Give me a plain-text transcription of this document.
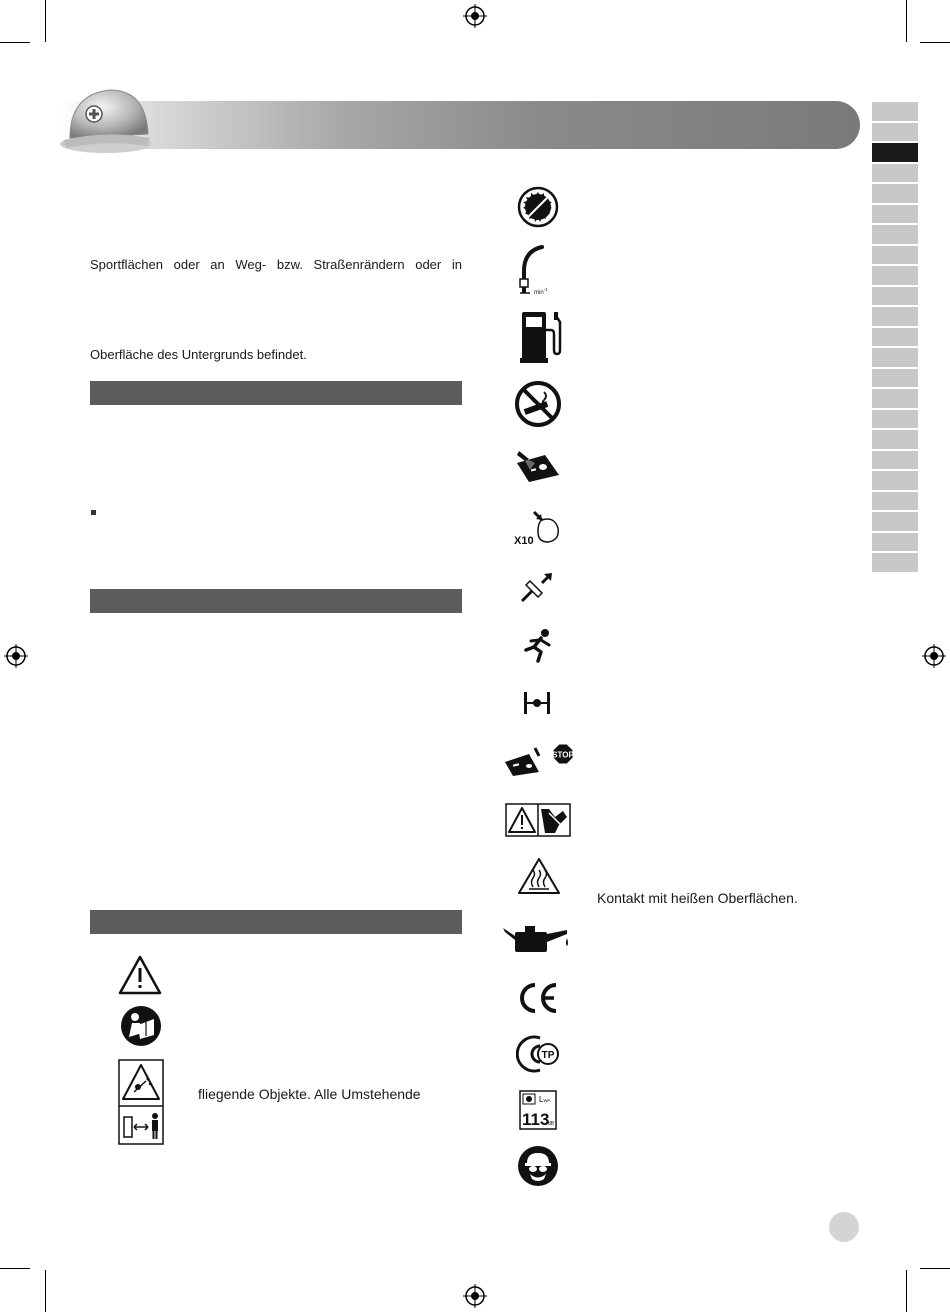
Sportflächen oder an Weg- bzw. Straßenrändern oder in
Oberfläche des Untergrunds befindet.
fliegende Objekte. Alle Umstehende
$\min^{-1}$
X10
STOP
Kontakt mit heißen Oberflächen.
TP
LWA
113
dB
